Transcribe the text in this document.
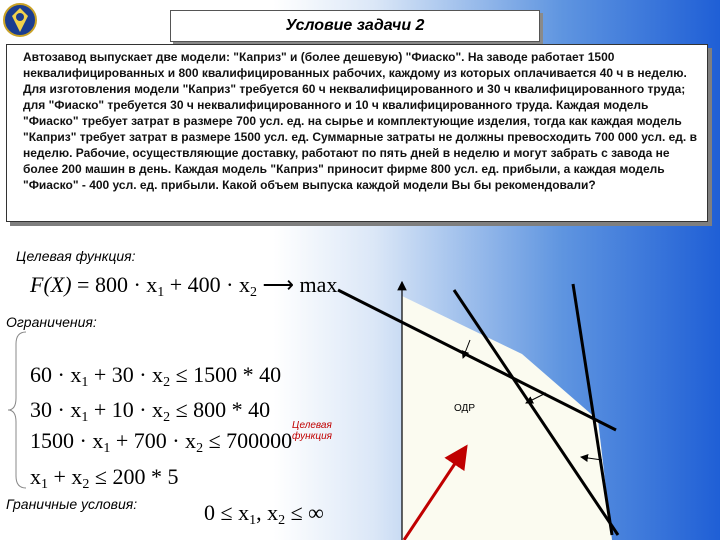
Условие задачи 2
Автозавод выпускает две модели: "Каприз" и (более дешевую) "Фиаско". На заводе работает 1500 неквалифицированных и 800 квалифицированных рабочих, каждому из которых оплачивается 40 ч в неделю. Для изготовления модели "Каприз" требуется 60 ч неквалифицированного и 30 ч квалифицированного труда; для "Фиаско" требуется 30 ч неквалифицированного и 10 ч квалифицированного труда. Каждая модель "Фиаско" требует затрат в размере 700 усл. ед. на сырье и комплектующие изделия, тогда как каждая модель "Каприз" требует затрат в размере 1500 усл. ед. Суммарные затраты не должны превосходить 700 000 усл. ед. в неделю. Рабочие, осуществляющие доставку, работают по пять дней в неделю и могут забрать с завода не более 200 машин в день. Каждая модель "Каприз" приносит фирме 800 усл. ед. прибыли, а каждая модель "Фиаско" - 400 усл. ед. прибыли. Какой объем выпуска каждой модели Вы бы рекомендовали?
Целевая функция:
$F(X) = 800 \cdot x_1 + 400 \cdot x_2$ ⟶ max
Ограничения:
$60 \cdot x_1 + 30 \cdot x_2 \le 1500 * 40$
$30 \cdot x_1 + 10 \cdot x_2 \le 800 * 40$
$1500 \cdot x_1 + 700 \cdot x_2 \le 700000$
$x_1 + x_2 \le 200 * 5$
Граничные условия:	$0 \le x_1$, $x_2$ ≤ ∞
ОДР
Целевая функция
